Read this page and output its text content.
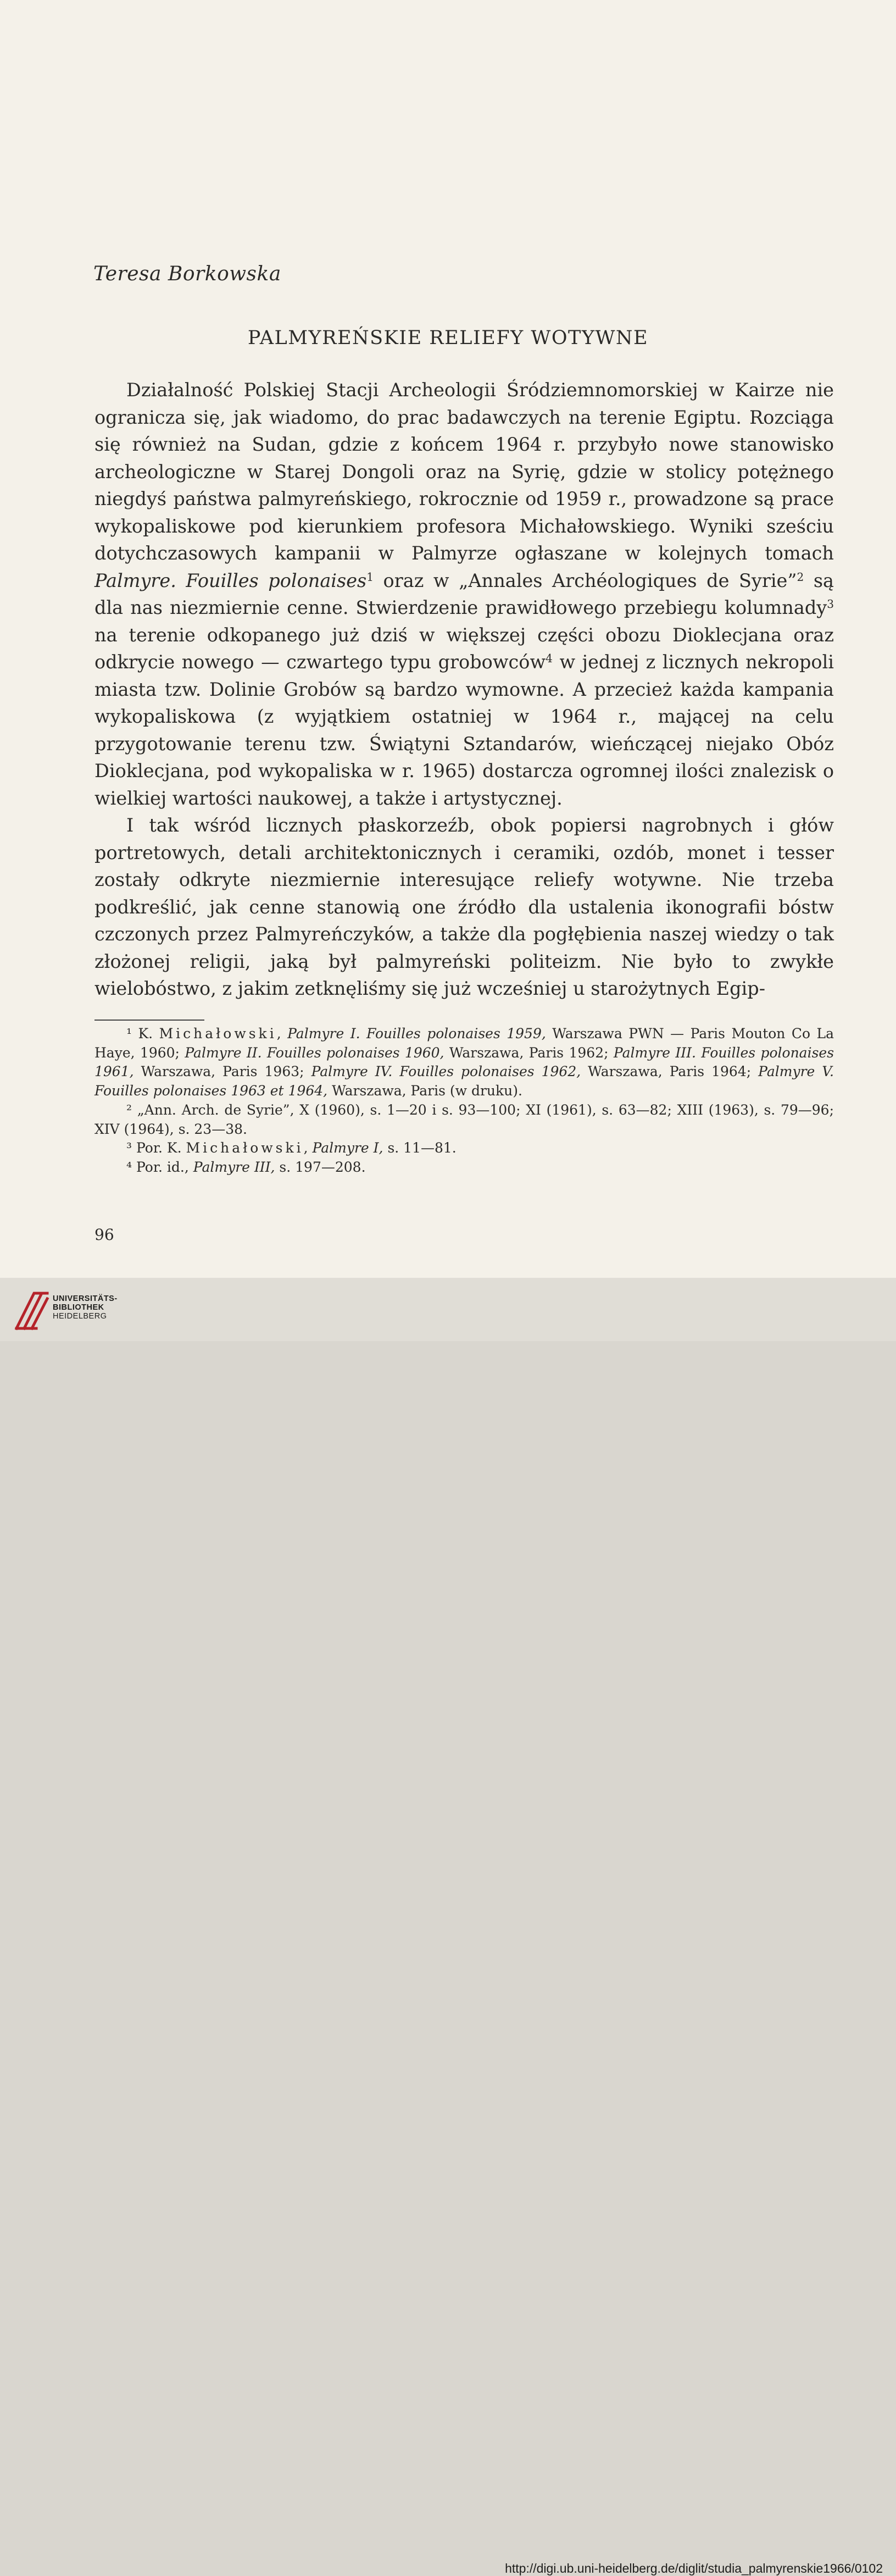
Teresa Borkowska
PALMYREŃSKIE RELIEFY WOTYWNE

Działalność Polskiej Stacji Archeologii Śródziemnomorskiej w Kairze nie ogranicza się, jak wiadomo, do prac badawczych na terenie Egiptu. Rozciąga się również na Sudan, gdzie z końcem 1964 r. przybyło nowe stanowisko archeologiczne w Starej Dongoli oraz na Syrię, gdzie w stolicy potężnego niegdyś państwa palmyreńskiego, rokrocznie od 1959 r., prowadzone są prace wykopaliskowe pod kierunkiem profesora Michałowskiego. Wyniki sześciu dotychczasowych kampanii w Palmyrze ogłaszane w kolejnych tomach Palmyre. Fouilles polonaises$^1$ oraz w „Annales Archéologiques de Syrie”$^2$ są dla nas niezmiernie cenne. Stwierdzenie prawidłowego przebiegu kolumnady$^3$ na terenie odkopanego już dziś w większej części obozu Dioklecjana oraz odkrycie nowego — czwartego typu grobowców$^4$ w jednej z licznych nekropoli miasta tzw. Dolinie Grobów są bardzo wymowne. A przecież każda kampania wykopaliskowa (z wyjątkiem ostatniej w 1964 r., mającej na celu przygotowanie terenu tzw. Świątyni Sztandarów, wieńczącej niejako Obóz Dioklecjana, pod wykopaliska w r. 1965) dostarcza ogromnej ilości znalezisk o wielkiej wartości naukowej, a także i artystycznej.

I tak wśród licznych płaskorzeźb, obok popiersi nagrobnych i głów portretowych, detali architektonicznych i ceramiki, ozdób, monet i tesser zostały odkryte niezmiernie interesujące reliefy wotywne. Nie trzeba podkreślić, jak cenne stanowią one źródło dla ustalenia ikonografii bóstw czczonych przez Palmyreńczyków, a także dla pogłębienia naszej wiedzy o tak złożonej religii, jaką był palmyreński politeizm. Nie było to zwykłe wielobóstwo, z jakim zetknęliśmy się już wcześniej u starożytnych Egip-

¹ K. Michałowski, Palmyre I. Fouilles polonaises 1959, Warszawa PWN — Paris Mouton Co La Haye, 1960; Palmyre II. Fouilles polonaises 1960, Warszawa, Paris 1962; Palmyre III. Fouilles polonaises 1961, Warszawa, Paris 1963; Palmyre IV. Fouilles polonaises 1962, Warszawa, Paris 1964; Palmyre V. Fouilles polonaises 1963 et 1964, Warszawa, Paris (w druku).

² „Ann. Arch. de Syrie”, X (1960), s. 1—20 i s. 93—100; XI (1961), s. 63—82; XIII (1963), s. 79—96; XIV (1964), s. 23—38.

³ Por. K. Michałowski, Palmyre I, s. 11—81.

⁴ Por. id., Palmyre III, s. 197—208.

96
http://digi.ub.uni-heidelberg.de/diglit/studia_palmyrenskie1966/0102
UNIVERSITÄTS-
BIBLIOTHEK
HEIDELBERG
